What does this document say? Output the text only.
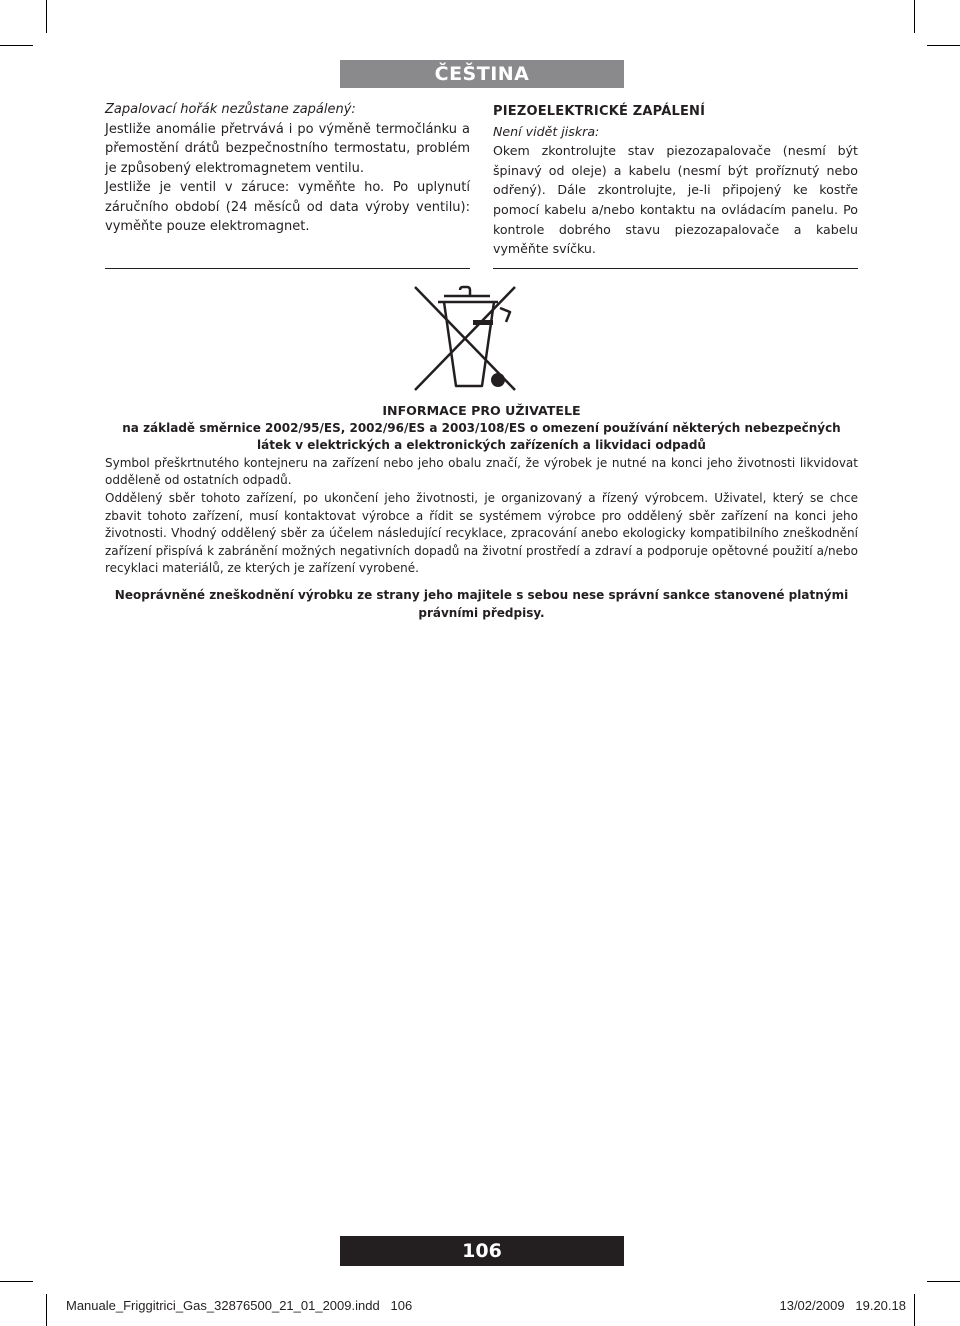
ČEŠTINA

Zapalovací hořák nezůstane zapálený:

Jestliže anomálie přetrvává i po výměně termočlánku a přemostění drátů bezpečnostního termostatu, problém je způsobený elektromagnetem ventilu.

Jestliže je ventil v záruce: vyměňte ho. Po uplynutí záručního období (24 měsíců od data výroby ventilu): vyměňte pouze elektromagnet.

PIEZOELEKTRICKÉ ZAPÁLENÍ

Není vidět jiskra:

Okem zkontrolujte stav piezozapalovače (nesmí být špinavý od oleje) a kabelu (nesmí být proříznutý nebo odřený). Dále zkontrolujte, je-li připojený ke kostře pomocí kabelu a/nebo kontaktu na ovládacím panelu. Po kontrole dobrého stavu piezozapalovače a kabelu vyměňte svíčku.

INFORMACE PRO UŽIVATELE

na základě směrnice 2002/95/ES, 2002/96/ES a 2003/108/ES o omezení používání některých nebezpečných látek v elektrických a elektronických zařízeních a likvidaci odpadů

Symbol přeškrtnutého kontejneru na zařízení nebo jeho obalu značí, že výrobek je nutné na konci jeho životnosti likvidovat odděleně od ostatních odpadů.

Oddělený sběr tohoto zařízení, po ukončení jeho životnosti, je organizovaný a řízený výrobcem. Uživatel, který se chce zbavit tohoto zařízení, musí kontaktovat výrobce a řídit se systémem výrobce pro oddělený sběr zařízení na konci jeho životnosti. Vhodný oddělený sběr za účelem následující recyklace, zpracování anebo ekologicky kompatibilního zneškodnění zařízení přispívá k zabránění možných negativních dopadů na životní prostředí a zdraví a podporuje opětovné použití a/nebo recyklaci materiálů, ze kterých je zařízení vyrobené.

Neoprávněné zneškodnění výrobku ze strany jeho majitele s sebou nese správní sankce stanovené platnými právními předpisy.

106
Manuale_Friggitrici_Gas_32876500_21_01_2009.indd   106	13/02/2009   19.20.18
